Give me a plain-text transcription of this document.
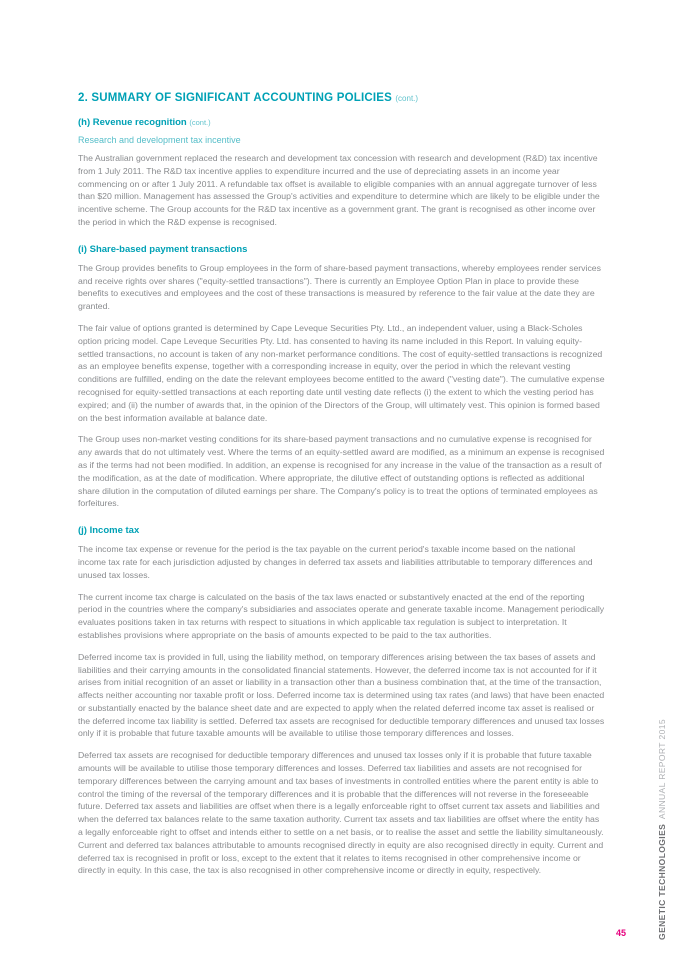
2. SUMMARY OF SIGNIFICANT ACCOUNTING POLICIES (cont.)
(h) Revenue recognition (cont.)
Research and development tax incentive

The Australian government replaced the research and development tax concession with research and development (R&D) tax incentive from 1 July 2011. The R&D tax incentive applies to expenditure incurred and the use of depreciating assets in an income year commencing on or after 1 July 2011. A refundable tax offset is available to eligible companies with an annual aggregate turnover of less than $20 million. Management has assessed the Group's activities and expenditure to determine which are likely to be eligible under the incentive scheme. The Group accounts for the R&D tax incentive as a government grant. The grant is recognised as other income over the period in which the R&D expense is recognised.

(i) Share-based payment transactions

The Group provides benefits to Group employees in the form of share-based payment transactions, whereby employees render services and receive rights over shares ("equity-settled transactions"). There is currently an Employee Option Plan in place to provide these benefits to executives and employees and the cost of these transactions is measured by reference to the fair value at the date they are granted.

The fair value of options granted is determined by Cape Leveque Securities Pty. Ltd., an independent valuer, using a Black-Scholes option pricing model. Cape Leveque Securities Pty. Ltd. has consented to having its name included in this Report. In valuing equity-settled transactions, no account is taken of any non-market performance conditions. The cost of equity-settled transactions is recognized as an employee benefits expense, together with a corresponding increase in equity, over the period in which the relevant vesting conditions are fulfilled, ending on the date the relevant employees become entitled to the award ("vesting date"). The cumulative expense recognised for equity-settled transactions at each reporting date until vesting date reflects (i) the extent to which the vesting period has expired; and (ii) the number of awards that, in the opinion of the Directors of the Group, will ultimately vest. This opinion is formed based on the best information available at balance date.

The Group uses non-market vesting conditions for its share-based payment transactions and no cumulative expense is recognised for any awards that do not ultimately vest. Where the terms of an equity-settled award are modified, as a minimum an expense is recognised as if the terms had not been modified. In addition, an expense is recognised for any increase in the value of the transaction as a result of the modification, as at the date of modification. Where appropriate, the dilutive effect of outstanding options is reflected as additional share dilution in the computation of diluted earnings per share. The Company's policy is to treat the options of terminated employees as forfeitures.

(j) Income tax

The income tax expense or revenue for the period is the tax payable on the current period's taxable income based on the national income tax rate for each jurisdiction adjusted by changes in deferred tax assets and liabilities attributable to temporary differences and unused tax losses.

The current income tax charge is calculated on the basis of the tax laws enacted or substantively enacted at the end of the reporting period in the countries where the company's subsidiaries and associates operate and generate taxable income. Management periodically evaluates positions taken in tax returns with respect to situations in which applicable tax regulation is subject to interpretation. It establishes provisions where appropriate on the basis of amounts expected to be paid to the tax authorities.

Deferred income tax is provided in full, using the liability method, on temporary differences arising between the tax bases of assets and liabilities and their carrying amounts in the consolidated financial statements. However, the deferred income tax is not accounted for if it arises from initial recognition of an asset or liability in a transaction other than a business combination that, at the time of the transaction, affects neither accounting nor taxable profit or loss. Deferred income tax is determined using tax rates (and laws) that have been enacted or substantially enacted by the balance sheet date and are expected to apply when the related deferred income tax asset is realised or the deferred income tax liability is settled. Deferred tax assets are recognised for deductible temporary differences and unused tax losses only if it is probable that future taxable amounts will be available to utilise those temporary differences and losses.

Deferred tax assets are recognised for deductible temporary differences and unused tax losses only if it is probable that future taxable amounts will be available to utilise those temporary differences and losses. Deferred tax liabilities and assets are not recognised for temporary differences between the carrying amount and tax bases of investments in controlled entities where the parent entity is able to control the timing of the reversal of the temporary differences and it is probable that the differences will not reverse in the foreseeable future. Deferred tax assets and liabilities are offset when there is a legally enforceable right to offset current tax assets and liabilities and when the deferred tax balances relate to the same taxation authority. Current tax assets and tax liabilities are offset where the entity has a legally enforceable right to offset and intends either to settle on a net basis, or to realise the asset and settle the liability simultaneously. Current and deferred tax balances attributable to amounts recognised directly in equity are also recognised directly in equity. Current and deferred tax is recognised in profit or loss, except to the extent that it relates to items recognised in other comprehensive income or directly in equity. In this case, the tax is also recognised in other comprehensive income or directly in equity, respectively.	GENETIC TECHNOLOGIES ANNUAL REPORT 2015
45
